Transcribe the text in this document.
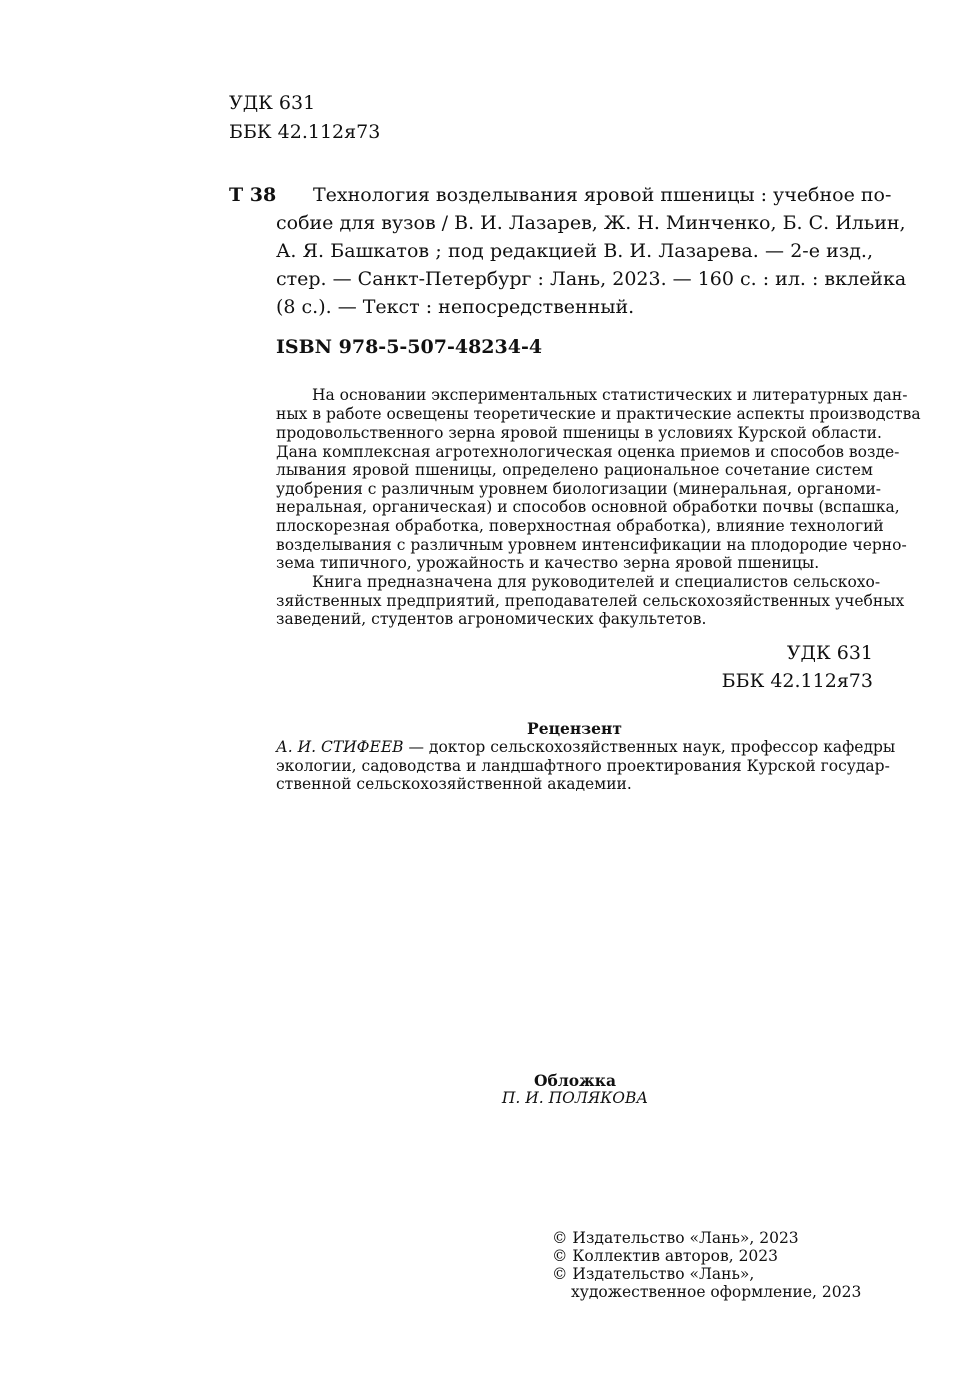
УДК 631
ББК 42.112я73
Т 38 Технология возделывания яровой пшеницы : учебное по-
собие для вузов / В. И. Лазарев, Ж. Н. Минченко, Б. С. Ильин,
А. Я. Башкатов ; под редакцией В. И. Лазарева. — 2-е изд.,
стер. — Санкт-Петербург : Лань, 2023. — 160 с. : ил. : вклейка
(8 с.). — Текст : непосредственный.
ISBN 978-5-507-48234-4
На основании экспериментальных статистических и литературных дан-
ных в работе освещены теоретические и практические аспекты производства
продовольственного зерна яровой пшеницы в условиях Курской области.
Дана комплексная агротехнологическая оценка приемов и способов возде-
лывания яровой пшеницы, определено рациональное сочетание систем
удобрения с различным уровнем биологизации (минеральная, органоми-
неральная, органическая) и способов основной обработки почвы (вспашка,
плоскорезная обработка, поверхностная обработка), влияние технологий
возделывания с различным уровнем интенсификации на плодородие черно-
зема типичного, урожайность и качество зерна яровой пшеницы.
Книга предназначена для руководителей и специалистов сельскохо-
зяйственных предприятий, преподавателей сельскохозяйственных учебных
заведений, студентов агрономических факультетов.
УДК 631
ББК 42.112я73
Рецензент
А. И. СТИФЕЕВ — доктор сельскохозяйственных наук, профессор кафедры
экологии, садоводства и ландшафтного проектирования Курской государ-
ственной сельскохозяйственной академии.
Обложка
П. И. ПОЛЯКОВА
© Издательство «Лань», 2023
© Коллектив авторов, 2023
© Издательство «Лань»,
художественное оформление, 2023
